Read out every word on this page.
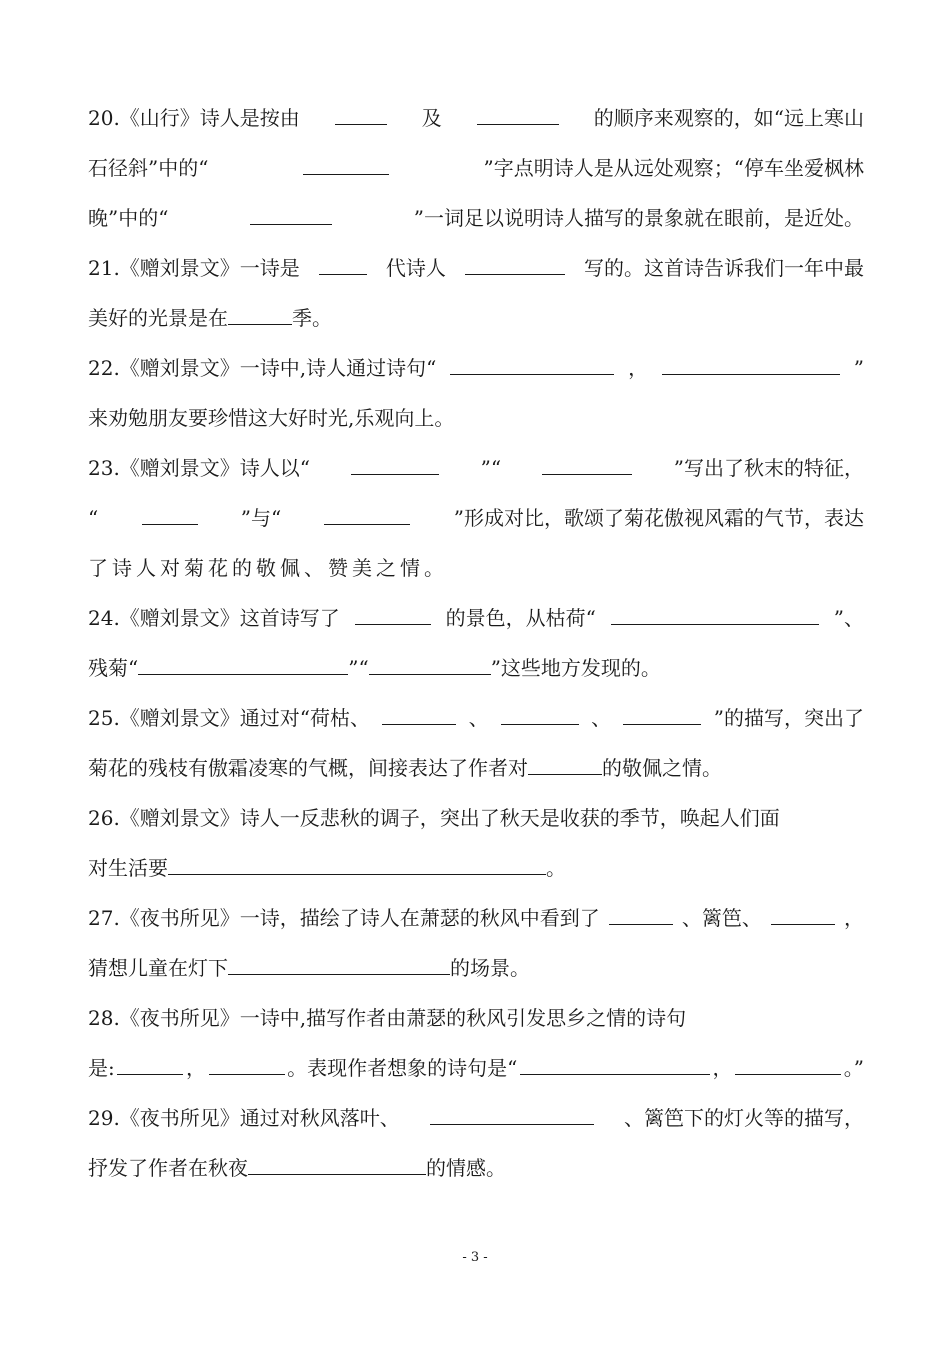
20.《山行》诗人是按由	及	的顺序来观察的，如“远上寒山
石径斜”中的“	”字点明诗人是从远处观察；“停车坐爱枫林
晚”中的“	”一词足以说明诗人描写的景象就在眼前，是近处。
21.《赠刘景文》一诗是	代诗人	写的。这首诗告诉我们一年中最
美好的光景是在	季。
22.《赠刘景文》一诗中,诗人通过诗句“	，	”
来劝勉朋友要珍惜这大好时光,乐观向上。
23.《赠刘景文》诗人以“	”“	”写出了秋末的特征，
“	”与“	”形成对比，歌颂了菊花傲视风霜的气节，表达
了诗人对菊花的敬佩、赞美之情。
24.《赠刘景文》这首诗写了	的景色，从枯荷“	”、
残菊“	”“	”这些地方发现的。
25.《赠刘景文》通过对“荷枯、	、	、	”的描写，突出了
菊花的残枝有傲霜凌寒的气概，间接表达了作者对	的敬佩之情。
26.《赠刘景文》诗人一反悲秋的调子，突出了秋天是收获的季节，唤起人们面
对生活要	。
27.《夜书所见》一诗，描绘了诗人在萧瑟的秋风中看到了	、篱笆、	，
猜想儿童在灯下	的场景。
28.《夜书所见》一诗中,描写作者由萧瑟的秋风引发思乡之情的诗句
是:	，	。表现作者想象的诗句是“	，	。”
29.《夜书所见》通过对秋风落叶、	、篱笆下的灯火等的描写，
抒发了作者在秋夜	的情感。
- 3 -
